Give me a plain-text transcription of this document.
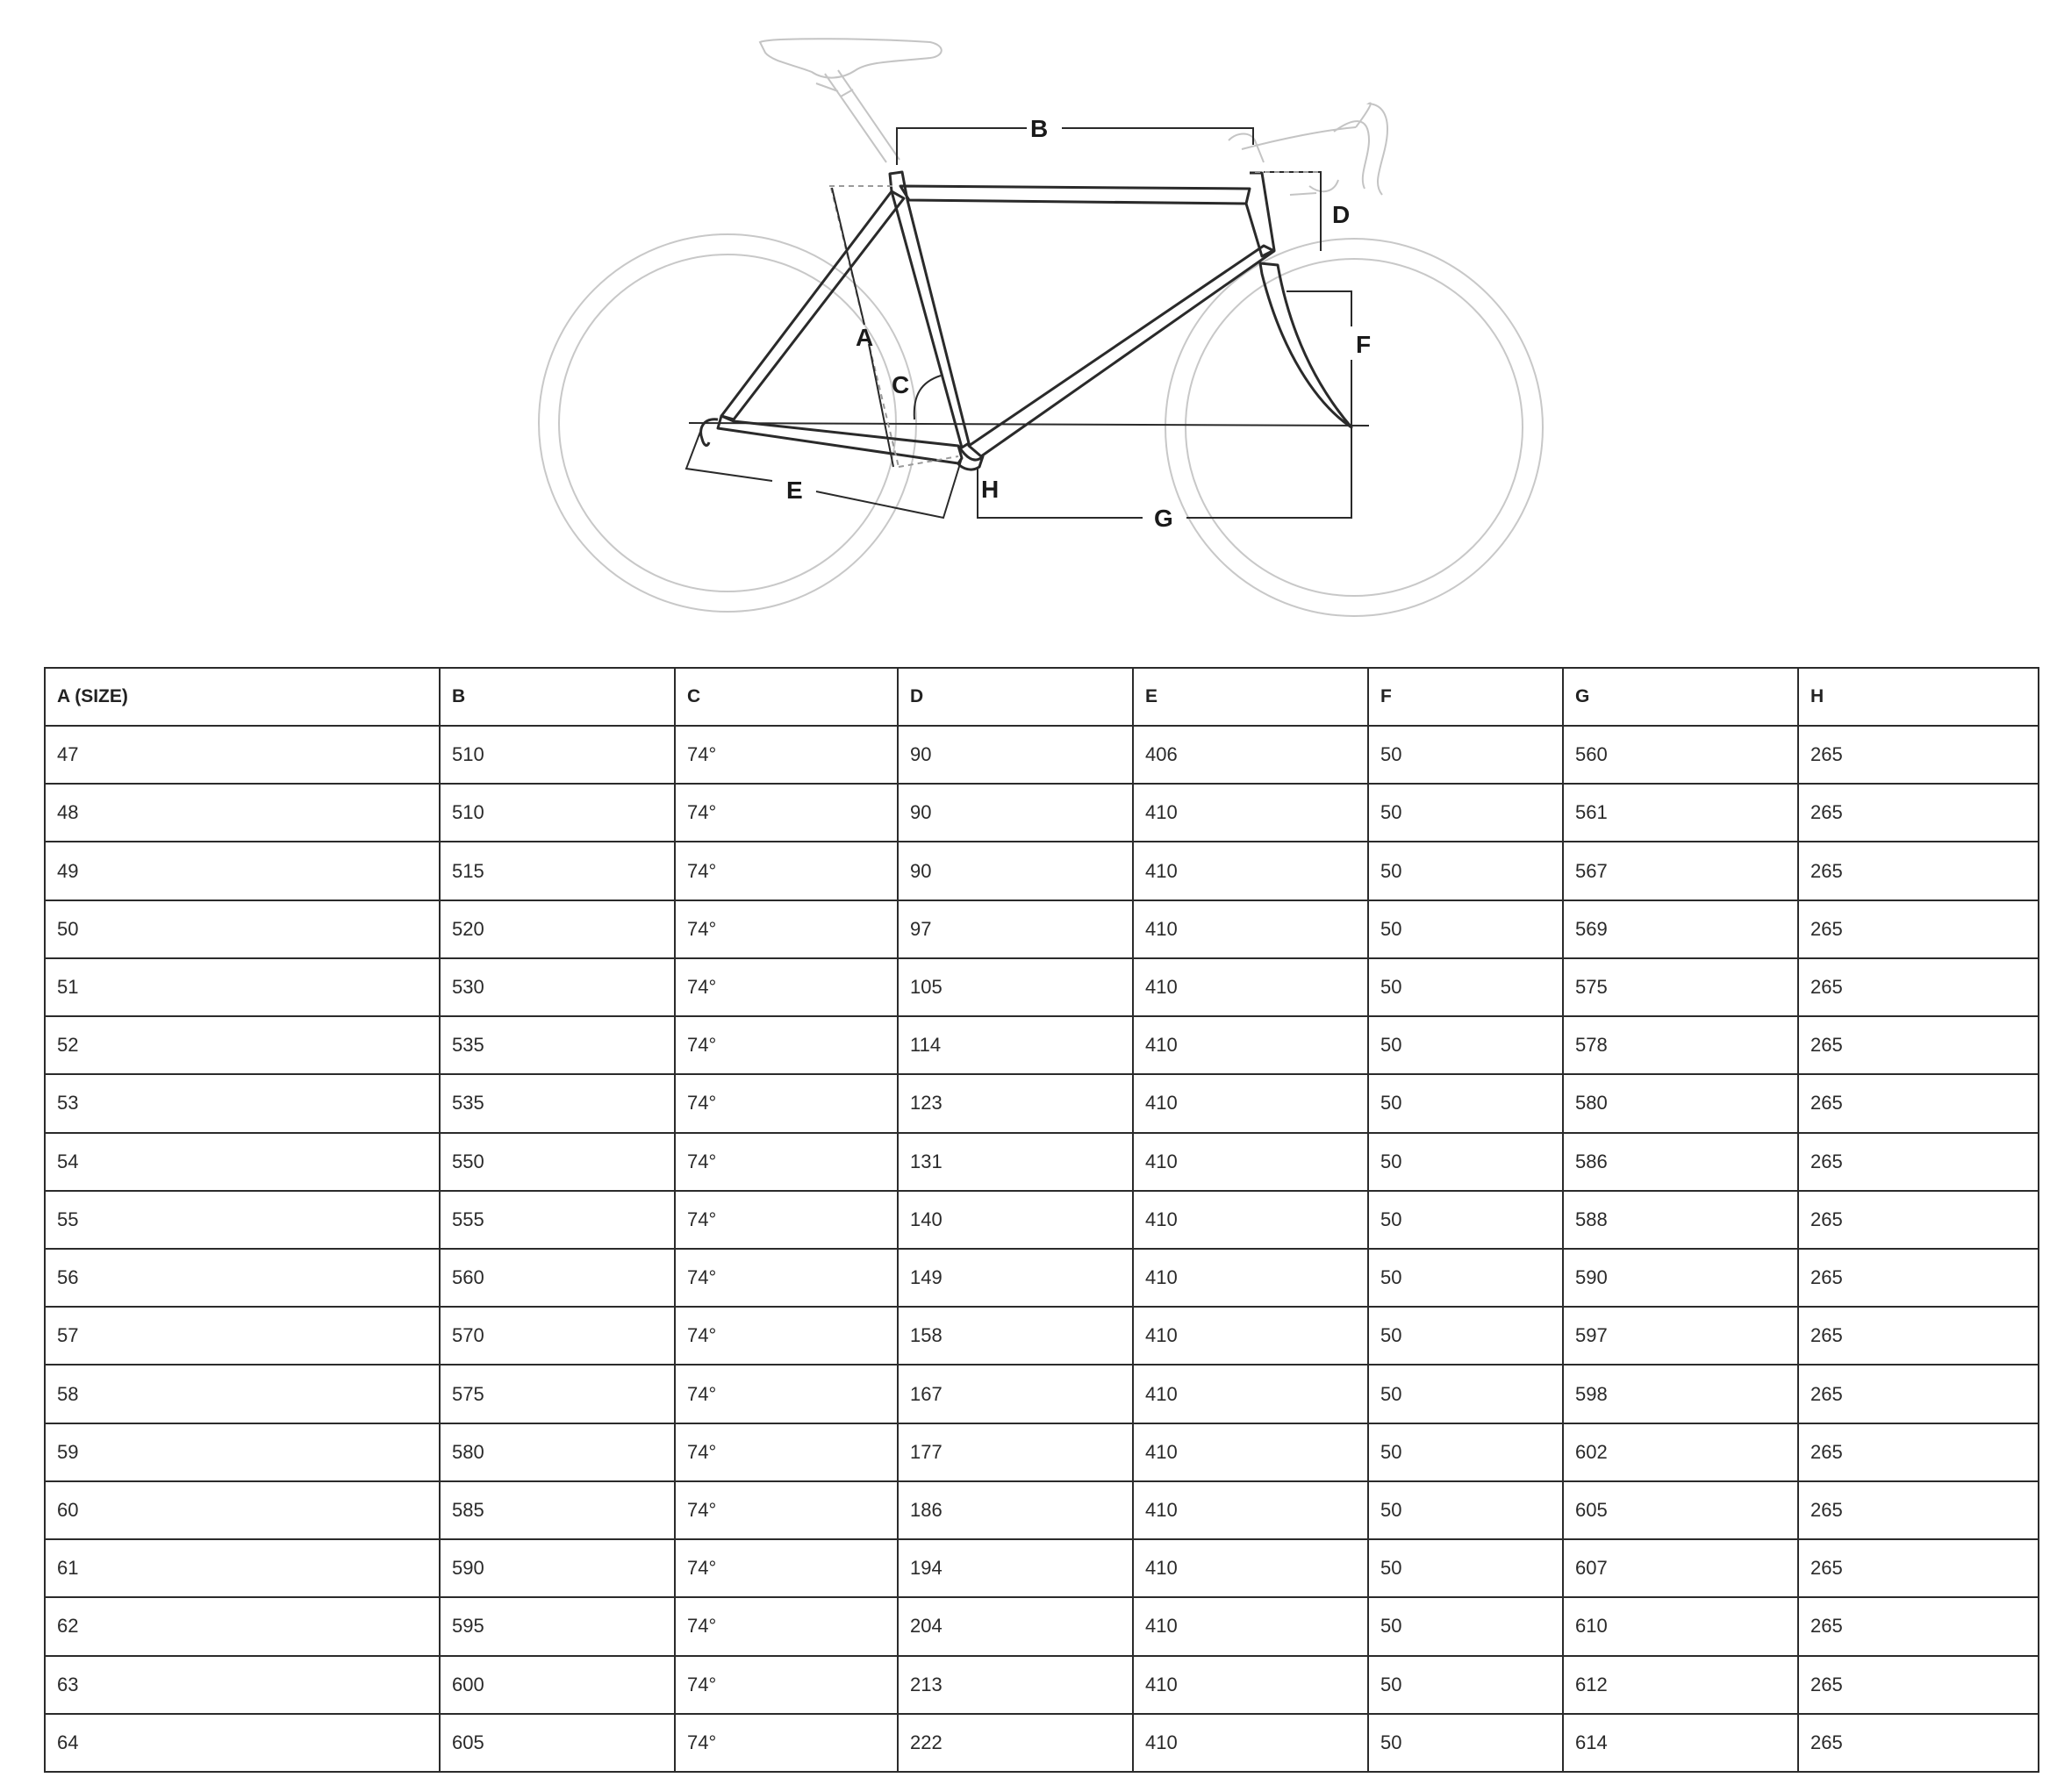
A
B
C
D
E
F
G
H
A (SIZE)	B	C	D	E	F	G	H
47	510	74°	90	406	50	560	265
48	510	74°	90	410	50	561	265
49	515	74°	90	410	50	567	265
50	520	74°	97	410	50	569	265
51	530	74°	105	410	50	575	265
52	535	74°	114	410	50	578	265
53	535	74°	123	410	50	580	265
54	550	74°	131	410	50	586	265
55	555	74°	140	410	50	588	265
56	560	74°	149	410	50	590	265
57	570	74°	158	410	50	597	265
58	575	74°	167	410	50	598	265
59	580	74°	177	410	50	602	265
60	585	74°	186	410	50	605	265
61	590	74°	194	410	50	607	265
62	595	74°	204	410	50	610	265
63	600	74°	213	410	50	612	265
64	605	74°	222	410	50	614	265
